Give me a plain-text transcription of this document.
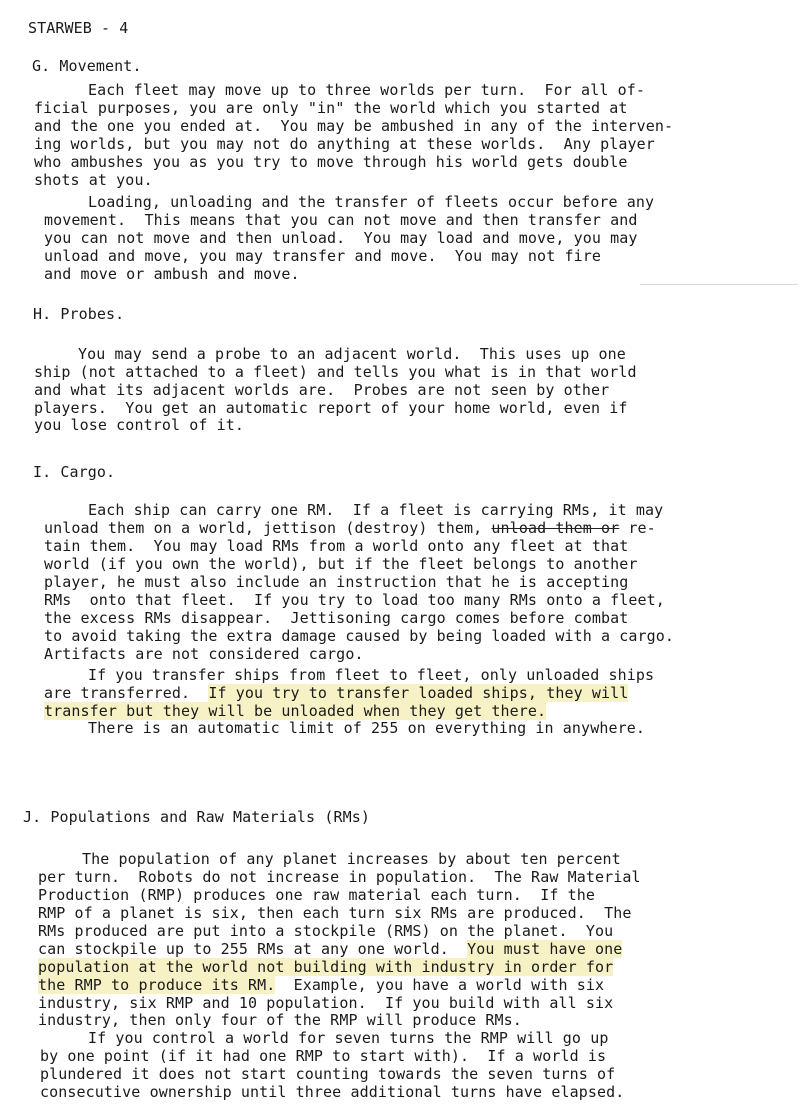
STARWEB - 4
G. Movement.
Each fleet may move up to three worlds per turn.  For all of-
ficial purposes, you are only "in" the world which you started at
and the one you ended at.  You may be ambushed in any of the interven-
ing worlds, but you may not do anything at these worlds.  Any player
who ambushes you as you try to move through his world gets double
shots at you.
Loading, unloading and the transfer of fleets occur before any
movement.  This means that you can not move and then transfer and
you can not move and then unload.  You may load and move, you may
unload and move, you may transfer and move.  You may not fire
and move or ambush and move.
H. Probes.
You may send a probe to an adjacent world.  This uses up one
ship (not attached to a fleet) and tells you what is in that world
and what its adjacent worlds are.  Probes are not seen by other
players.  You get an automatic report of your home world, even if
you lose control of it.
I. Cargo.
Each ship can carry one RM.  If a fleet is carrying RMs, it may
unload them on a world, jettison (destroy) them, unload them or re-
tain them.  You may load RMs from a world onto any fleet at that
world (if you own the world), but if the fleet belongs to another
player, he must also include an instruction that he is accepting
RMs  onto that fleet.  If you try to load too many RMs onto a fleet,
the excess RMs disappear.  Jettisoning cargo comes before combat
to avoid taking the extra damage caused by being loaded with a cargo.
Artifacts are not considered cargo.
If you transfer ships from fleet to fleet, only unloaded ships
are transferred.  If you try to transfer loaded ships, they will
transfer but they will be unloaded when they get there.
There is an automatic limit of 255 on everything in anywhere.
J. Populations and Raw Materials (RMs)
The population of any planet increases by about ten percent
per turn.  Robots do not increase in population.  The Raw Material
Production (RMP) produces one raw material each turn.  If the
RMP of a planet is six, then each turn six RMs are produced.  The
RMs produced are put into a stockpile (RMS) on the planet.  You
can stockpile up to 255 RMs at any one world.  You must have one
population at the world not building with industry in order for
the RMP to produce its RM.  Example, you have a world with six
industry, six RMP and 10 population.  If you build with all six
industry, then only four of the RMP will produce RMs.
If you control a world for seven turns the RMP will go up
by one point (if it had one RMP to start with).  If a world is
plundered it does not start counting towards the seven turns of
consecutive ownership until three additional turns have elapsed.
